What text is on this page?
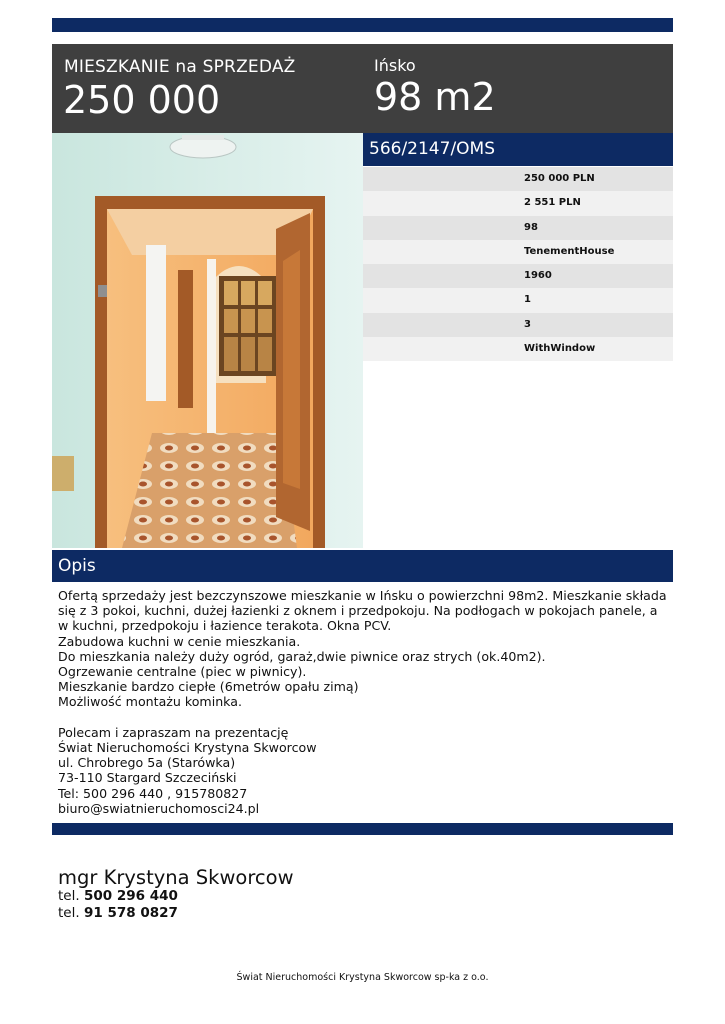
MIESZKANIE na SPRZEDAŻ
250 000
Ińsko
98 m2
566/2147/OMS
250 000 PLN
2 551 PLN
98
TenementHouse
1960
1
3
WithWindow
Opis

Ofertą sprzedaży jest bezczynszowe mieszkanie w Ińsku o powierzchni 98m2. Mieszkanie składa się z 3 pokoi, kuchni, dużej łazienki z oknem i przedpokoju. Na podłogach w pokojach panele, a w kuchni, przedpokoju i łazience terakota. Okna PCV.

Zabudowa kuchni w cenie mieszkania.

Do mieszkania należy duży ogród, garaż,dwie piwnice oraz strych (ok.40m2).

Ogrzewanie centralne (piec w piwnicy).

Mieszkanie bardzo ciepłe (6metrów opału zimą)

Możliwość montażu kominka.

Polecam i zapraszam na prezentację

Świat Nieruchomości Krystyna Skworcow

ul. Chrobrego 5a (Starówka)

73-110 Stargard Szczeciński

Tel: 500 296 440 , 915780827

biuro@swiatnieruchomosci24.pl

mgr Krystyna Skworcow
tel. 500 296 440
tel. 91 578 0827
Świat Nieruchomości Krystyna Skworcow sp-ka z o.o.
